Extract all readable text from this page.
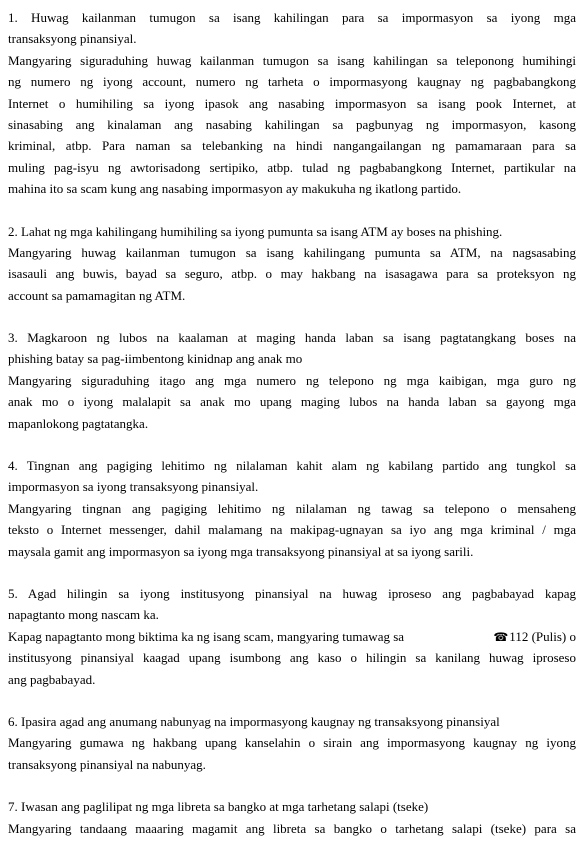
1. Huwag kailanman tumugon sa isang kahilingan para sa impormasyon sa iyong mga
transaksyong pinansiyal.
Mangyaring siguraduhing huwag kailanman tumugon sa isang kahilingan sa teleponong humihingi
ng numero ng iyong account, numero ng tarheta o impormasyong kaugnay ng pagbabangkong
Internet o humihiling sa iyong ipasok ang nasabing impormasyon sa isang pook Internet, at
sinasabing ang kinalaman ang nasabing kahilingan sa pagbunyag ng impormasyon, kasong
kriminal, atbp. Para naman sa telebanking na hindi nangangailangan ng pamamaraan para sa
muling pag-isyu ng awtorisadong sertipiko, atbp. tulad ng pagbabangkong Internet, partikular na
mahina ito sa scam kung ang nasabing impormasyon ay makukuha ng ikatlong partido.
2. Lahat ng mga kahilingang humihiling sa iyong pumunta sa isang ATM ay boses na phishing.
Mangyaring huwag kailanman tumugon sa isang kahilingang pumunta sa ATM, na nagsasabing
isasauli ang buwis, bayad sa seguro, atbp. o may hakbang na isasagawa para sa proteksyon ng
account sa pamamagitan ng ATM.
3. Magkaroon ng lubos na kaalaman at maging handa laban sa isang pagtatangkang boses na
phishing batay sa pag-iimbentong kinidnap ang anak mo
Mangyaring siguraduhing itago ang mga numero ng telepono ng mga kaibigan, mga guro ng
anak mo o iyong malalapit sa anak mo upang maging lubos na handa laban sa gayong mga
mapanlokong pagtatangka.
4. Tingnan ang pagiging lehitimo ng nilalaman kahit alam ng kabilang partido ang tungkol sa
impormasyon sa iyong transaksyong pinansiyal.
Mangyaring tingnan ang pagiging lehitimo ng nilalaman ng tawag sa telepono o mensaheng
teksto o Internet messenger, dahil malamang na makipag-ugnayan sa iyo ang mga kriminal / mga
maysala gamit ang impormasyon sa iyong mga transaksyong pinansiyal at sa iyong sarili.
5. Agad hilingin sa iyong institusyong pinansiyal na huwag iproseso ang pagbabayad kapag
napagtanto mong nascam ka.
Kapag napagtanto mong biktima ka ng isang scam, mangyaring tumawag sa	☎112 (Pulis) o
institusyong pinansiyal kaagad upang isumbong ang kaso o hilingin sa kanilang huwag iproseso
ang pagbabayad.
6. Ipasira agad ang anumang nabunyag na impormasyong kaugnay ng transaksyong pinansiyal
Mangyaring gumawa ng hakbang upang kanselahin o sirain ang impormasyong kaugnay ng iyong
transaksyong pinansiyal na nabunyag.
7. Iwasan ang paglilipat ng mga libreta sa bangko at mga tarhetang salapi (tseke)
Mangyaring tandaang maaaring magamit ang libreta sa bangko o tarhetang salapi (tseke) para sa
